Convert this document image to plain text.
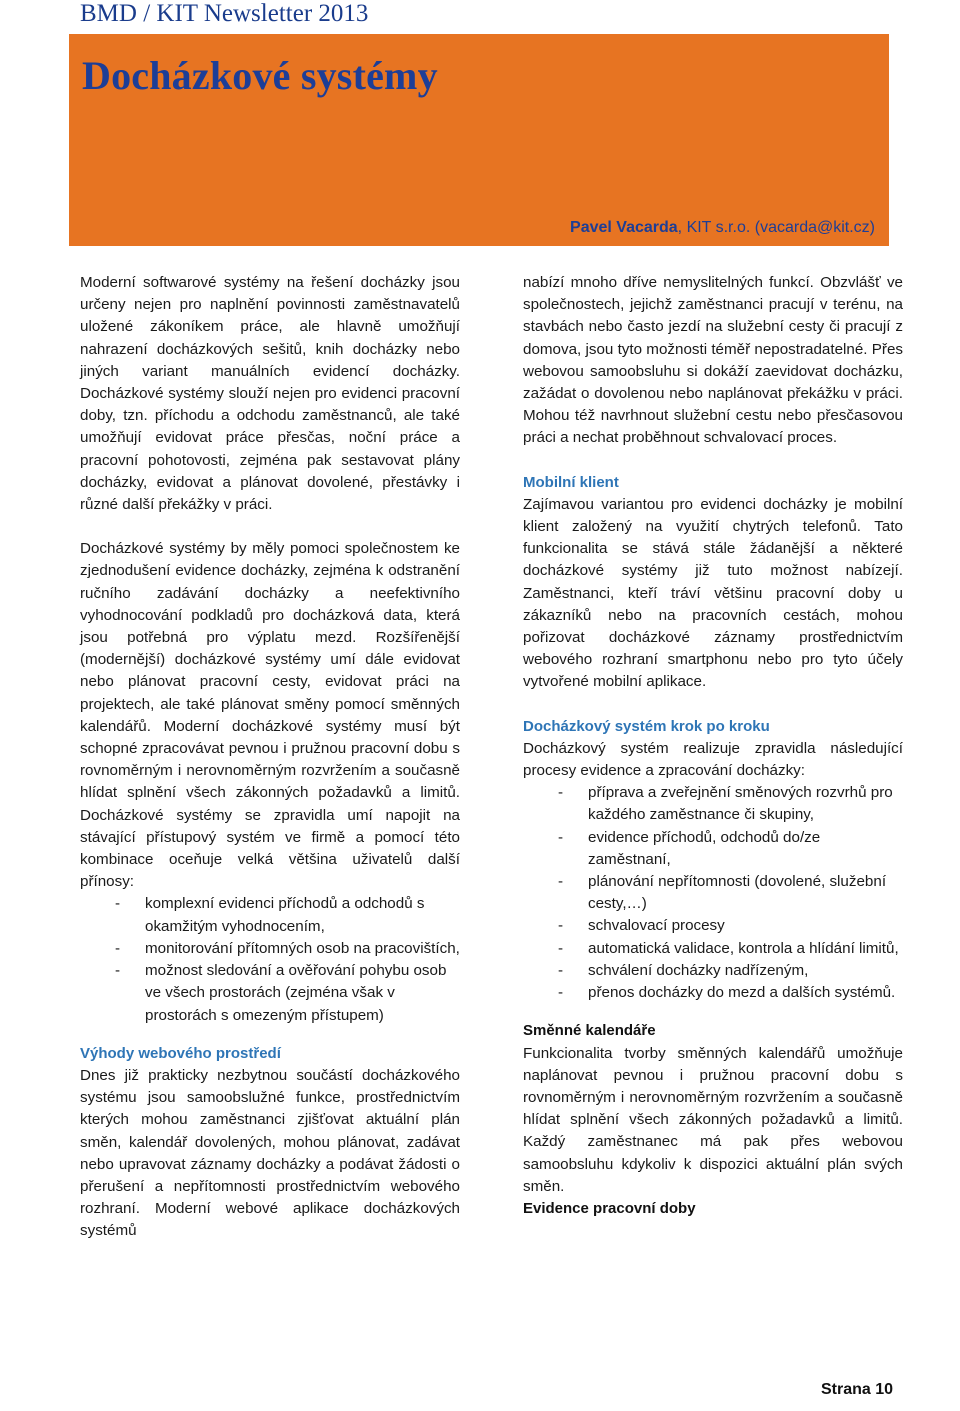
BMD / KIT Newsletter 2013
Docházkové systémy
Pavel Vacarda, KIT s.r.o. (vacarda@kit.cz)

Moderní softwarové systémy na řešení docházky jsou určeny nejen pro naplnění povinnosti zaměstnavatelů uložené zákoníkem práce, ale hlavně umožňují nahrazení docházkových sešitů, knih docházky nebo jiných variant manuálních evidencí docházky. Docházkové systémy slouží nejen pro evidenci pracovní doby, tzn. příchodu a odchodu zaměstnanců, ale také umožňují evidovat práce přesčas, noční práce a pracovní pohotovosti, zejména pak sestavovat plány docházky, evidovat a plánovat dovolené, přestávky i různé další překážky v práci.

Docházkové systémy by měly pomoci společnostem ke zjednodušení evidence docházky, zejména k odstranění ručního zadávání docházky a neefektivního vyhodnocování podkladů pro docházková data, která jsou potřebná pro výplatu mezd. Rozšířenější (modernější) docházkové systémy umí dále evidovat nebo plánovat pracovní cesty, evidovat práci na projektech, ale také plánovat směny pomocí směnných kalendářů. Moderní docházkové systémy musí být schopné zpracovávat pevnou i pružnou pracovní dobu s rovnoměrným i nerovnoměrným rozvržením a současně hlídat splnění všech zákonných požadavků a limitů. Docházkové systémy se zpravidla umí napojit na stávající přístupový systém ve firmě a pomocí této kombinace oceňuje velká většina uživatelů další přínosy:

- komplexní evidenci příchodů a odchodů s okamžitým vyhodnocením,
- monitorování přítomných osob na pracovištích,
- možnost sledování a ověřování pohybu osob ve všech prostorách (zejména však v prostorách s omezeným přístupem)

Výhody webového prostředí

Dnes již prakticky nezbytnou součástí docházkového systému jsou samoobslužné funkce, prostřednictvím kterých mohou zaměstnanci zjišťovat aktuální plán směn, kalendář dovolených, mohou plánovat, zadávat nebo upravovat záznamy docházky a podávat žádosti o přerušení a nepřítomnosti prostřednictvím webového rozhraní. Moderní webové aplikace docházkových systémů

nabízí mnoho dříve nemyslitelných funkcí. Obzvlášť ve společnostech, jejichž zaměstnanci pracují v terénu, na stavbách nebo často jezdí na služební cesty či pracují z domova, jsou tyto možnosti téměř nepostradatelné. Přes webovou samoobsluhu si dokáží zaevidovat docházku, zažádat o dovolenou nebo naplánovat překážku v práci. Mohou též navrhnout služební cestu nebo přesčasovou práci a nechat proběhnout schvalovací proces.

Mobilní klient

Zajímavou variantou pro evidenci docházky je mobilní klient založený na využití chytrých telefonů. Tato funkcionalita se stává stále žádanější a některé docházkové systémy již tuto možnost nabízejí. Zaměstnanci, kteří tráví většinu pracovní doby u zákazníků nebo na pracovních cestách, mohou pořizovat docházkové záznamy prostřednictvím webového rozhraní smartphonu nebo pro tyto účely vytvořené mobilní aplikace.

Docházkový systém krok po kroku

Docházkový systém realizuje zpravidla následující procesy evidence a zpracování docházky:

- příprava a zveřejnění směnových rozvrhů pro každého zaměstnance či skupiny,
- evidence příchodů, odchodů do/ze zaměstnaní,
- plánování nepřítomnosti (dovolené, služební cesty,…)
- schvalovací procesy
- automatická validace, kontrola a hlídání limitů,
- schválení docházky nadřízeným,
- přenos docházky do mezd a dalších systémů.

Směnné kalendáře

Funkcionalita tvorby směnných kalendářů umožňuje naplánovat pevnou i pružnou pracovní dobu s rovnoměrným i nerovnoměrným rozvržením a současně hlídat splnění všech zákonných požadavků a limitů. Každý zaměstnanec má pak přes webovou samoobsluhu kdykoliv k dispozici aktuální plán svých směn.

Evidence pracovní doby

Strana 10
